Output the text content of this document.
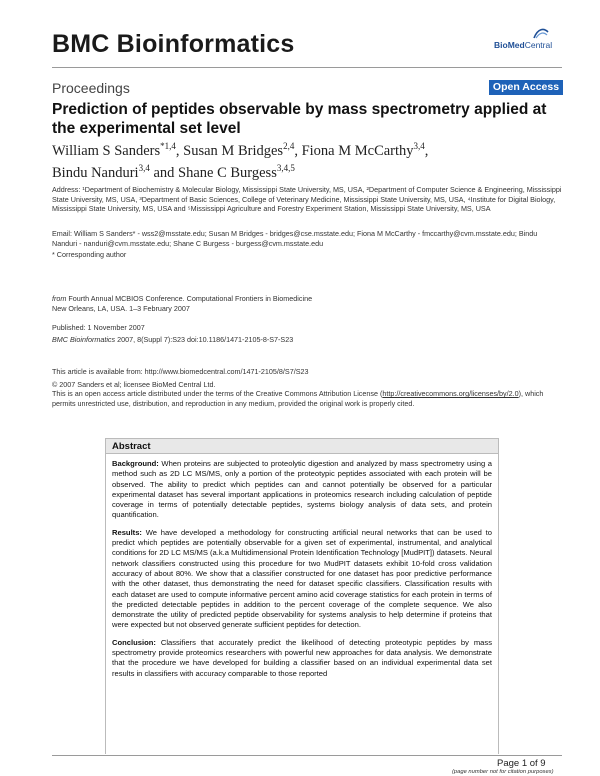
BMC Bioinformatics	BioMedCentral
Proceedings	Open Access
Prediction of peptides observable by mass spectrometry applied at the experimental set level
William S Sanders$^{*1,4}$, Susan M Bridges$^{2,4}$, Fiona M McCarthy$^{3,4}$,
Bindu Nanduri$^{3,4}$ and Shane C Burgess$^{3,4,5}$
Address: ¹Department of Biochemistry & Molecular Biology, Mississippi State University, MS, USA, ²Department of Computer Science & Engineering, Mississippi State University, MS, USA, ³Department of Basic Sciences, College of Veterinary Medicine, Mississippi State University, MS, USA, ⁴Institute for Digital Biology, Mississippi State University, MS, USA and ⁵Mississippi Agriculture and Forestry Experiment Station, Mississippi State University, MS, USA
Email: William S Sanders* - wss2@msstate.edu; Susan M Bridges - bridges@cse.msstate.edu; Fiona M McCarthy - fmccarthy@cvm.msstate.edu; Bindu Nanduri - nanduri@cvm.msstate.edu; Shane C Burgess - burgess@cvm.msstate.edu
* Corresponding author
from Fourth Annual MCBIOS Conference. Computational Frontiers in Biomedicine
New Orleans, LA, USA. 1–3 February 2007
Published: 1 November 2007
BMC Bioinformatics 2007, 8(Suppl 7):S23 doi:10.1186/1471-2105-8-S7-S23
This article is available from: http://www.biomedcentral.com/1471-2105/8/S7/S23
© 2007 Sanders et al; licensee BioMed Central Ltd.
This is an open access article distributed under the terms of the Creative Commons Attribution License (http://creativecommons.org/licenses/by/2.0), which permits unrestricted use, distribution, and reproduction in any medium, provided the original work is properly cited.
Abstract

Background: When proteins are subjected to proteolytic digestion and analyzed by mass spectrometry using a method such as 2D LC MS/MS, only a portion of the proteotypic peptides associated with each protein will be observed. The ability to predict which peptides can and cannot potentially be observed for a particular experimental dataset has several important applications in proteomics research including calculation of peptide coverage in terms of potentially detectable peptides, systems biology analysis of data sets, and protein quantification.

Results: We have developed a methodology for constructing artificial neural networks that can be used to predict which peptides are potentially observable for a given set of experimental, instrumental, and analytical conditions for 2D LC MS/MS (a.k.a Multidimensional Protein Identification Technology [MudPIT]) datasets. Neural network classifiers constructed using this procedure for two MudPIT datasets exhibit 10-fold cross validation accuracy of about 80%. We show that a classifier constructed for one dataset has poor predictive performance with the other dataset, thus demonstrating the need for dataset specific classifiers. Classification results with each dataset are used to compute informative percent amino acid coverage statistics for each protein in terms of the predicted detectable peptides in addition to the percent coverage of the complete sequence. We also demonstrate the utility of predicted peptide observability for systems analysis to help determine if proteins that were expected but not observed generate sufficient peptides for detection.

Conclusion: Classifiers that accurately predict the likelihood of detecting proteotypic peptides by mass spectrometry provide proteomics researchers with powerful new approaches for data analysis. We demonstrate that the procedure we have developed for building a classifier based on an individual experimental data set results in classifiers with accuracy comparable to those reported

Page 1 of 9
(page number not for citation purposes)
